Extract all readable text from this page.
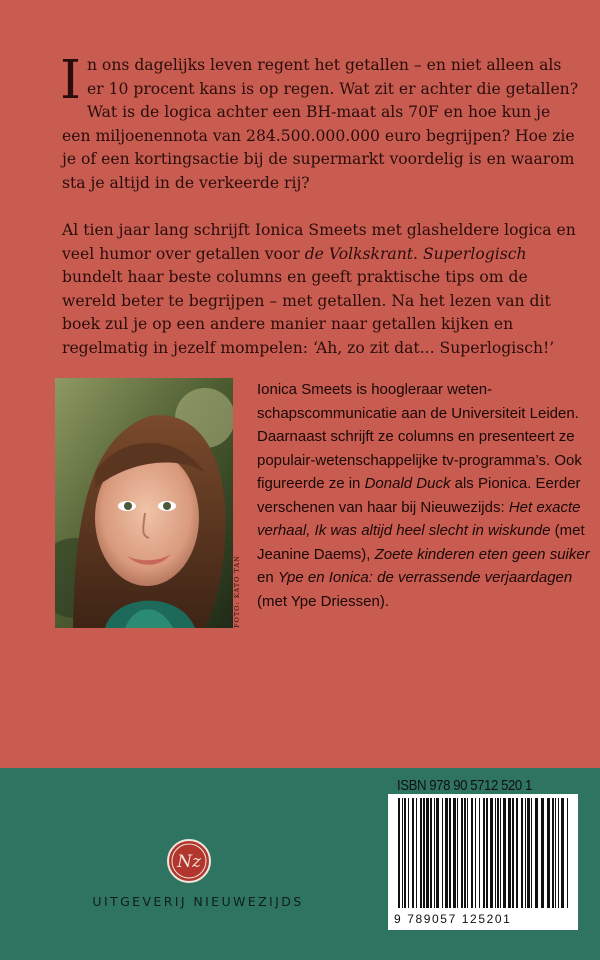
In ons dagelijks leven regent het getallen – en niet alleen als er 10 procent kans is op regen. Wat zit er achter die getallen? Wat is de logica achter een BH-maat als 70F en hoe kun je een miljoenennota van 284.500.000.000 euro begrijpen? Hoe zie je of een kortingsactie bij de supermarkt voordelig is en waarom sta je altijd in de verkeerde rij?

Al tien jaar lang schrijft Ionica Smeets met glasheldere logica en veel humor over getallen voor de Volkskrant. Superlogisch bundelt haar beste columns en geeft praktische tips om de wereld beter te begrijpen – met getallen. Na het lezen van dit boek zul je op een andere manier naar getallen kijken en regelmatig in jezelf mompelen: ‘Ah, zo zit dat... Superlogisch!’

Ionica Smeets is hoogleraar wetenschapscommunicatie aan de Universiteit Leiden. Daarnaast schrijft ze columns en presenteert ze populair-wetenschappelijke tv-programma’s. Ook figureerde ze in Donald Duck als Pionica. Eerder verschenen van haar bij Nieuwezijds: Het exacte verhaal, Ik was altijd heel slecht in wiskunde (met Jeanine Daems), Zoete kinderen eten geen suiker en Ype en Ionica: de verrassende verjaardagen (met Ype Driessen).

ISBN 978 90 5712 520 1
9 789057 125201
Nz
UITGEVERIJ NIEUWEZIJDS
